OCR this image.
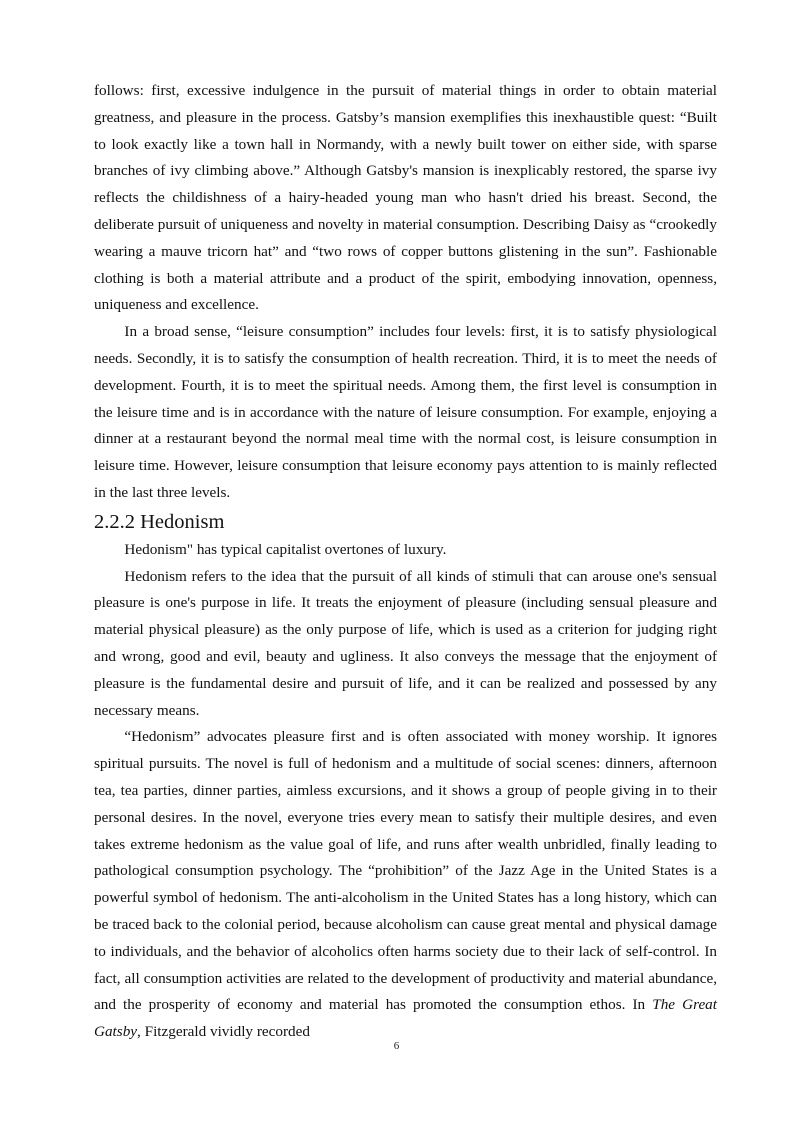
follows: first, excessive indulgence in the pursuit of material things in order to obtain material greatness, and pleasure in the process. Gatsby’s mansion exemplifies this inexhaustible quest: “Built to look exactly like a town hall in Normandy, with a newly built tower on either side, with sparse branches of ivy climbing above.” Although Gatsby's mansion is inexplicably restored, the sparse ivy reflects the childishness of a hairy-headed young man who hasn't dried his breast. Second, the deliberate pursuit of uniqueness and novelty in material consumption. Describing Daisy as “crookedly wearing a mauve tricorn hat” and “two rows of copper buttons glistening in the sun”. Fashionable clothing is both a material attribute and a product of the spirit, embodying innovation, openness, uniqueness and excellence.

In a broad sense, “leisure consumption” includes four levels: first, it is to satisfy physiological needs. Secondly, it is to satisfy the consumption of health recreation. Third, it is to meet the needs of development. Fourth, it is to meet the spiritual needs. Among them, the first level is consumption in the leisure time and is in accordance with the nature of leisure consumption. For example, enjoying a dinner at a restaurant beyond the normal meal time with the normal cost, is leisure consumption in leisure time. However, leisure consumption that leisure economy pays attention to is mainly reflected in the last three levels.

2.2.2 Hedonism

Hedonism" has typical capitalist overtones of luxury.

Hedonism refers to the idea that the pursuit of all kinds of stimuli that can arouse one's sensual pleasure is one's purpose in life. It treats the enjoyment of pleasure (including sensual pleasure and material physical pleasure) as the only purpose of life, which is used as a criterion for judging right and wrong, good and evil, beauty and ugliness. It also conveys the message that the enjoyment of pleasure is the fundamental desire and pursuit of life, and it can be realized and possessed by any necessary means.

“Hedonism” advocates pleasure first and is often associated with money worship. It ignores spiritual pursuits. The novel is full of hedonism and a multitude of social scenes: dinners, afternoon tea, tea parties, dinner parties, aimless excursions, and it shows a group of people giving in to their personal desires. In the novel, everyone tries every mean to satisfy their multiple desires, and even takes extreme hedonism as the value goal of life, and runs after wealth unbridled, finally leading to pathological consumption psychology. The “prohibition” of the Jazz Age in the United States is a powerful symbol of hedonism. The anti-alcoholism in the United States has a long history, which can be traced back to the colonial period, because alcoholism can cause great mental and physical damage to individuals, and the behavior of alcoholics often harms society due to their lack of self-control. In fact, all consumption activities are related to the development of productivity and material abundance, and the prosperity of economy and material has promoted the consumption ethos. In The Great Gatsby, Fitzgerald vividly recorded

6
